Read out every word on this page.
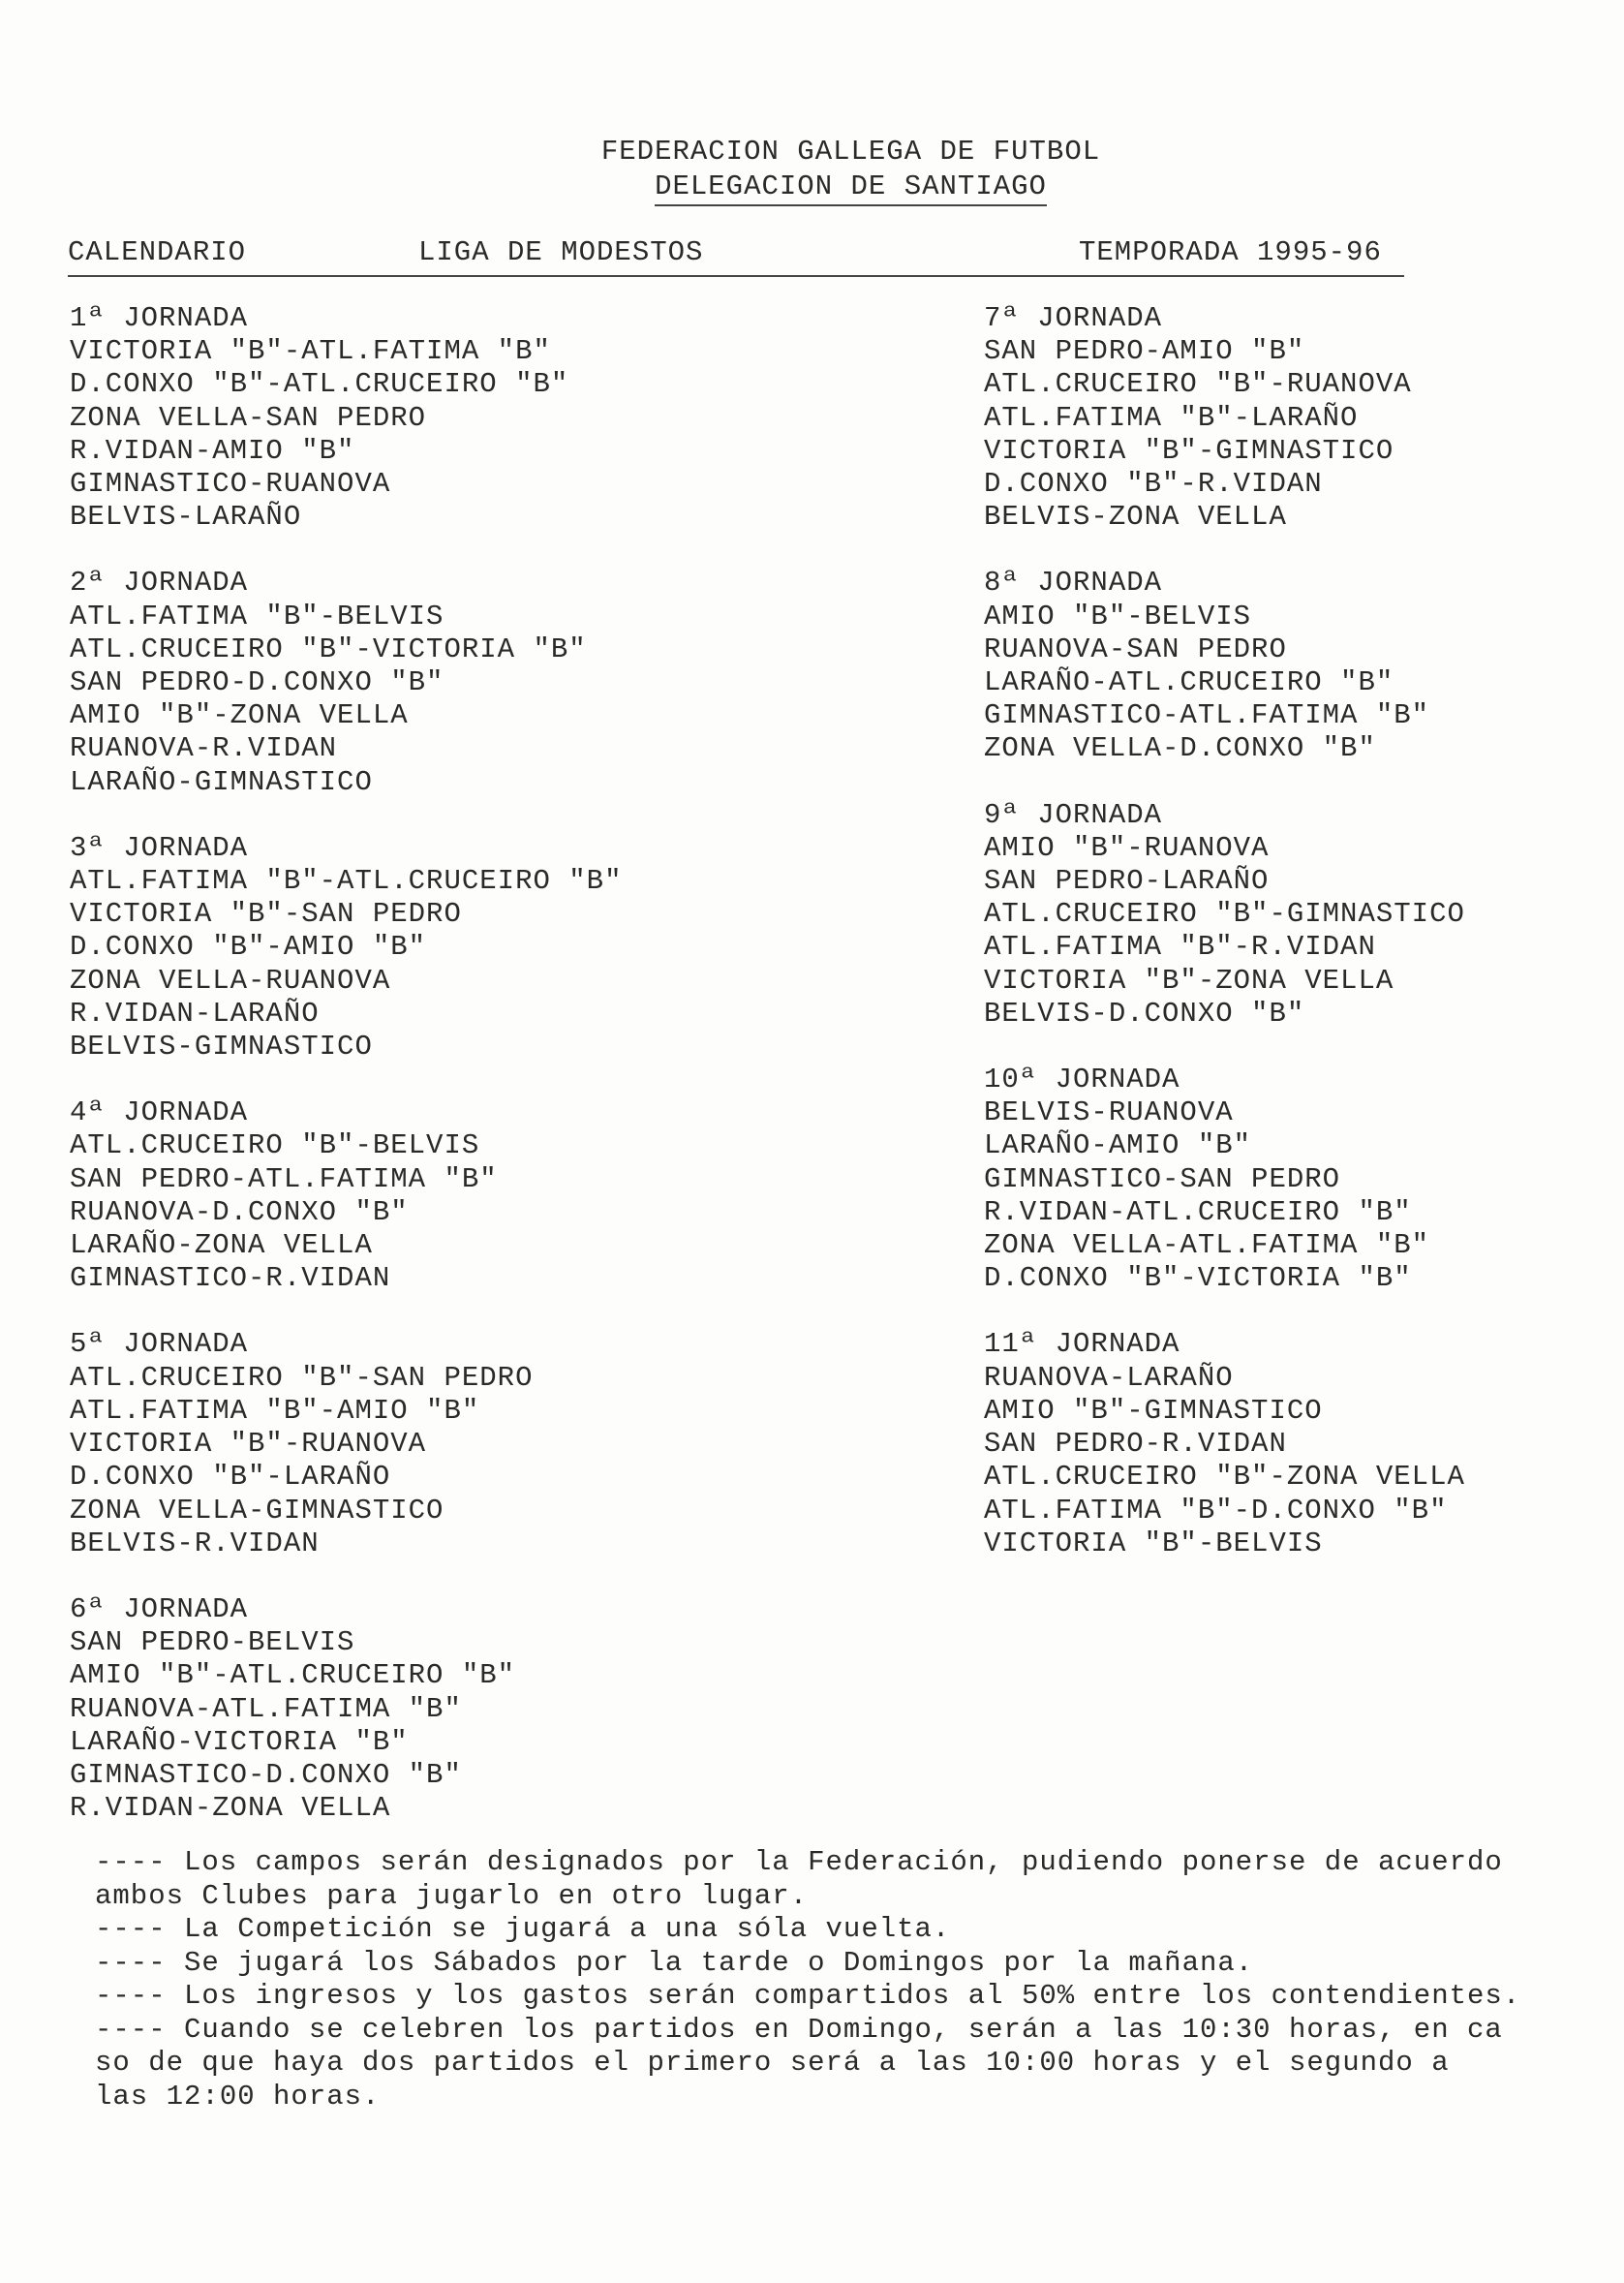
FEDERACION GALLEGA DE FUTBOL
DELEGACION DE SANTIAGO
CALENDARIO	LIGA DE MODESTOS	TEMPORADA 1995-96
1ª JORNADA
VICTORIA "B"-ATL.FATIMA "B"
D.CONXO "B"-ATL.CRUCEIRO "B"
ZONA VELLA-SAN PEDRO
R.VIDAN-AMIO "B"
GIMNASTICO-RUANOVA
BELVIS-LARAÑO
2ª JORNADA
ATL.FATIMA "B"-BELVIS
ATL.CRUCEIRO "B"-VICTORIA "B"
SAN PEDRO-D.CONXO "B"
AMIO "B"-ZONA VELLA
RUANOVA-R.VIDAN
LARAÑO-GIMNASTICO
3ª JORNADA
ATL.FATIMA "B"-ATL.CRUCEIRO "B"
VICTORIA "B"-SAN PEDRO
D.CONXO "B"-AMIO "B"
ZONA VELLA-RUANOVA
R.VIDAN-LARAÑO
BELVIS-GIMNASTICO
4ª JORNADA
ATL.CRUCEIRO "B"-BELVIS
SAN PEDRO-ATL.FATIMA "B"
RUANOVA-D.CONXO "B"
LARAÑO-ZONA VELLA
GIMNASTICO-R.VIDAN
5ª JORNADA
ATL.CRUCEIRO "B"-SAN PEDRO
ATL.FATIMA "B"-AMIO "B"
VICTORIA "B"-RUANOVA
D.CONXO "B"-LARAÑO
ZONA VELLA-GIMNASTICO
BELVIS-R.VIDAN
6ª JORNADA
SAN PEDRO-BELVIS
AMIO "B"-ATL.CRUCEIRO "B"
RUANOVA-ATL.FATIMA "B"
LARAÑO-VICTORIA "B"
GIMNASTICO-D.CONXO "B"
R.VIDAN-ZONA VELLA
7ª JORNADA
SAN PEDRO-AMIO "B"
ATL.CRUCEIRO "B"-RUANOVA
ATL.FATIMA "B"-LARAÑO
VICTORIA "B"-GIMNASTICO
D.CONXO "B"-R.VIDAN
BELVIS-ZONA VELLA
8ª JORNADA
AMIO "B"-BELVIS
RUANOVA-SAN PEDRO
LARAÑO-ATL.CRUCEIRO "B"
GIMNASTICO-ATL.FATIMA "B"
ZONA VELLA-D.CONXO "B"
9ª JORNADA
AMIO "B"-RUANOVA
SAN PEDRO-LARAÑO
ATL.CRUCEIRO "B"-GIMNASTICO
ATL.FATIMA "B"-R.VIDAN
VICTORIA "B"-ZONA VELLA
BELVIS-D.CONXO "B"
10ª JORNADA
BELVIS-RUANOVA
LARAÑO-AMIO "B"
GIMNASTICO-SAN PEDRO
R.VIDAN-ATL.CRUCEIRO "B"
ZONA VELLA-ATL.FATIMA "B"
D.CONXO "B"-VICTORIA "B"
11ª JORNADA
RUANOVA-LARAÑO
AMIO "B"-GIMNASTICO
SAN PEDRO-R.VIDAN
ATL.CRUCEIRO "B"-ZONA VELLA
ATL.FATIMA "B"-D.CONXO "B"
VICTORIA "B"-BELVIS
---- Los campos serán designados por la Federación, pudiendo ponerse de acuerdo
ambos Clubes para jugarlo en otro lugar.
---- La Competición se jugará a una sóla vuelta.
---- Se jugará los Sábados por la tarde o Domingos por la mañana.
---- Los ingresos y los gastos serán compartidos al 50% entre los contendientes.
---- Cuando se celebren los partidos en Domingo, serán a las 10:30 horas, en ca
so de que haya dos partidos el primero será a las 10:00 horas y el segundo a
las 12:00 horas.
